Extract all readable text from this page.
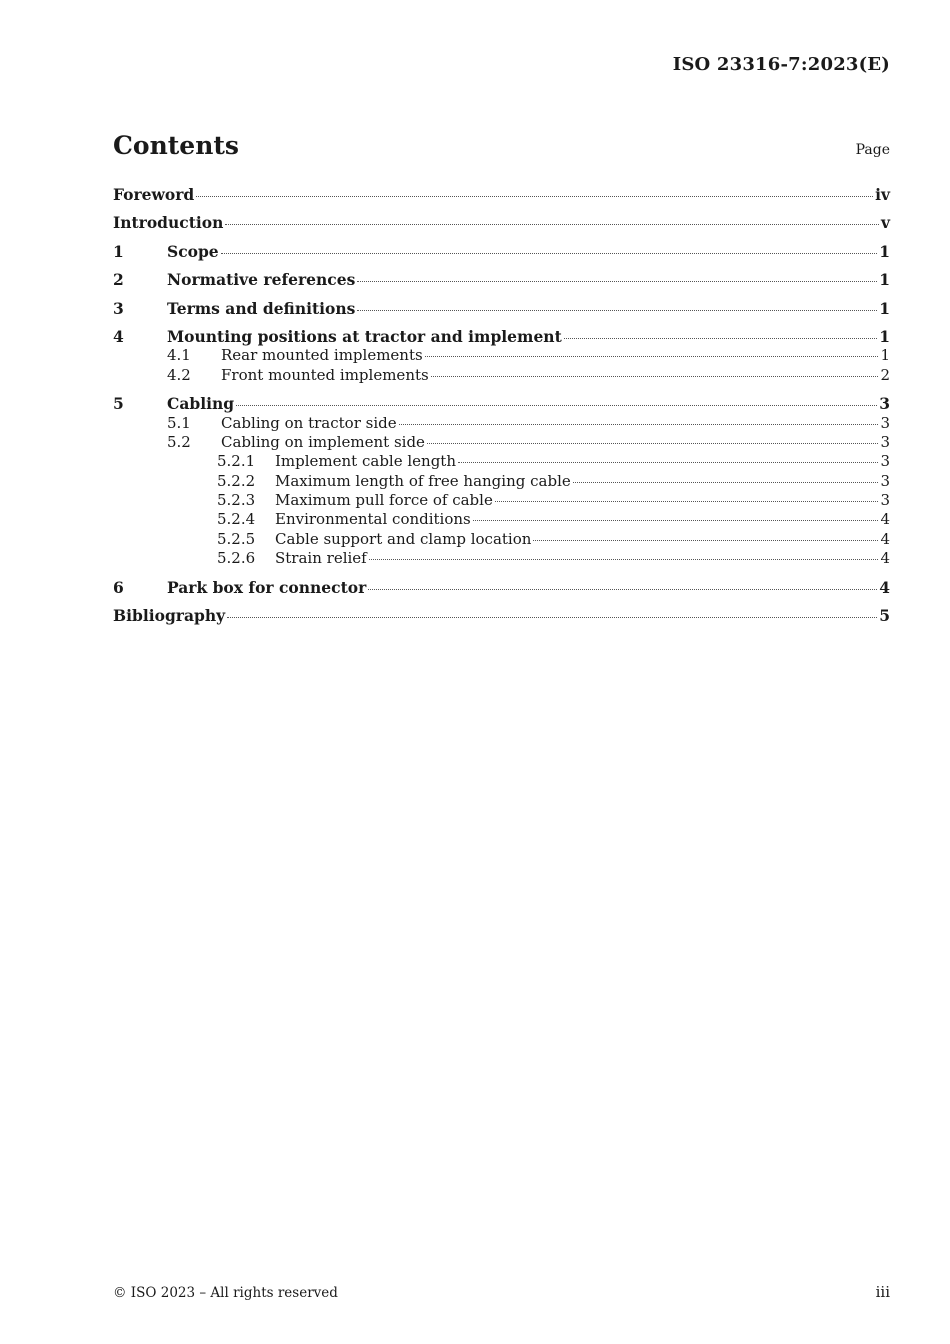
ISO 23316-7:2023(E)
Contents	Page
Foreword	iv
Introduction	v
1	Scope	1
2	Normative references	1
3	Terms and definitions	1
4	Mounting positions at tractor and implement	1
4.1	Rear mounted implements	1
4.2	Front mounted implements	2
5	Cabling	3
5.1	Cabling on tractor side	3
5.2	Cabling on implement side	3
5.2.1	Implement cable length	3
5.2.2	Maximum length of free hanging cable	3
5.2.3	Maximum pull force of cable	3
5.2.4	Environmental conditions	4
5.2.5	Cable support and clamp location	4
5.2.6	Strain relief	4
6	Park box for connector	4
Bibliography	5
© ISO 2023 – All rights reserved	iii
